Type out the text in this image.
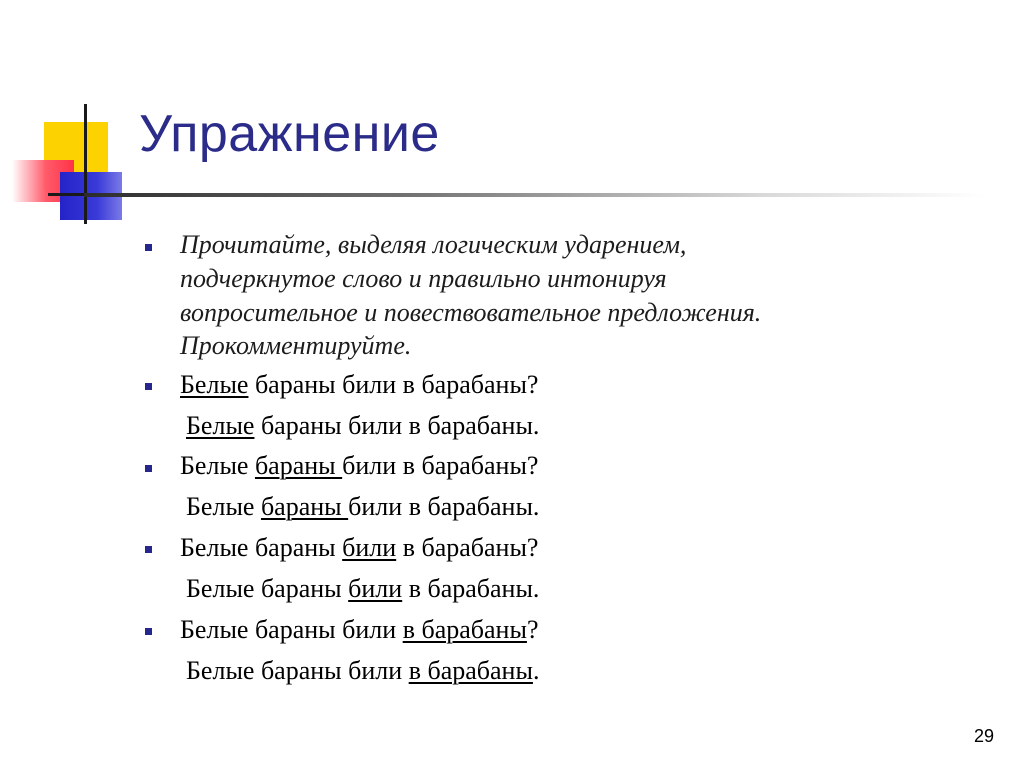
Упражнение
Прочитайте, выделяя логическим ударением,
подчеркнутое слово и правильно интонируя
вопросительное и повествовательное предложения.
Прокомментируйте.
Белые бараны били в барабаны?
Белые бараны били в барабаны.
Белые бараны били в барабаны?
Белые бараны били в барабаны.
Белые бараны били в барабаны?
Белые бараны били в барабаны.
Белые бараны били в барабаны?
Белые бараны били в барабаны.
29
